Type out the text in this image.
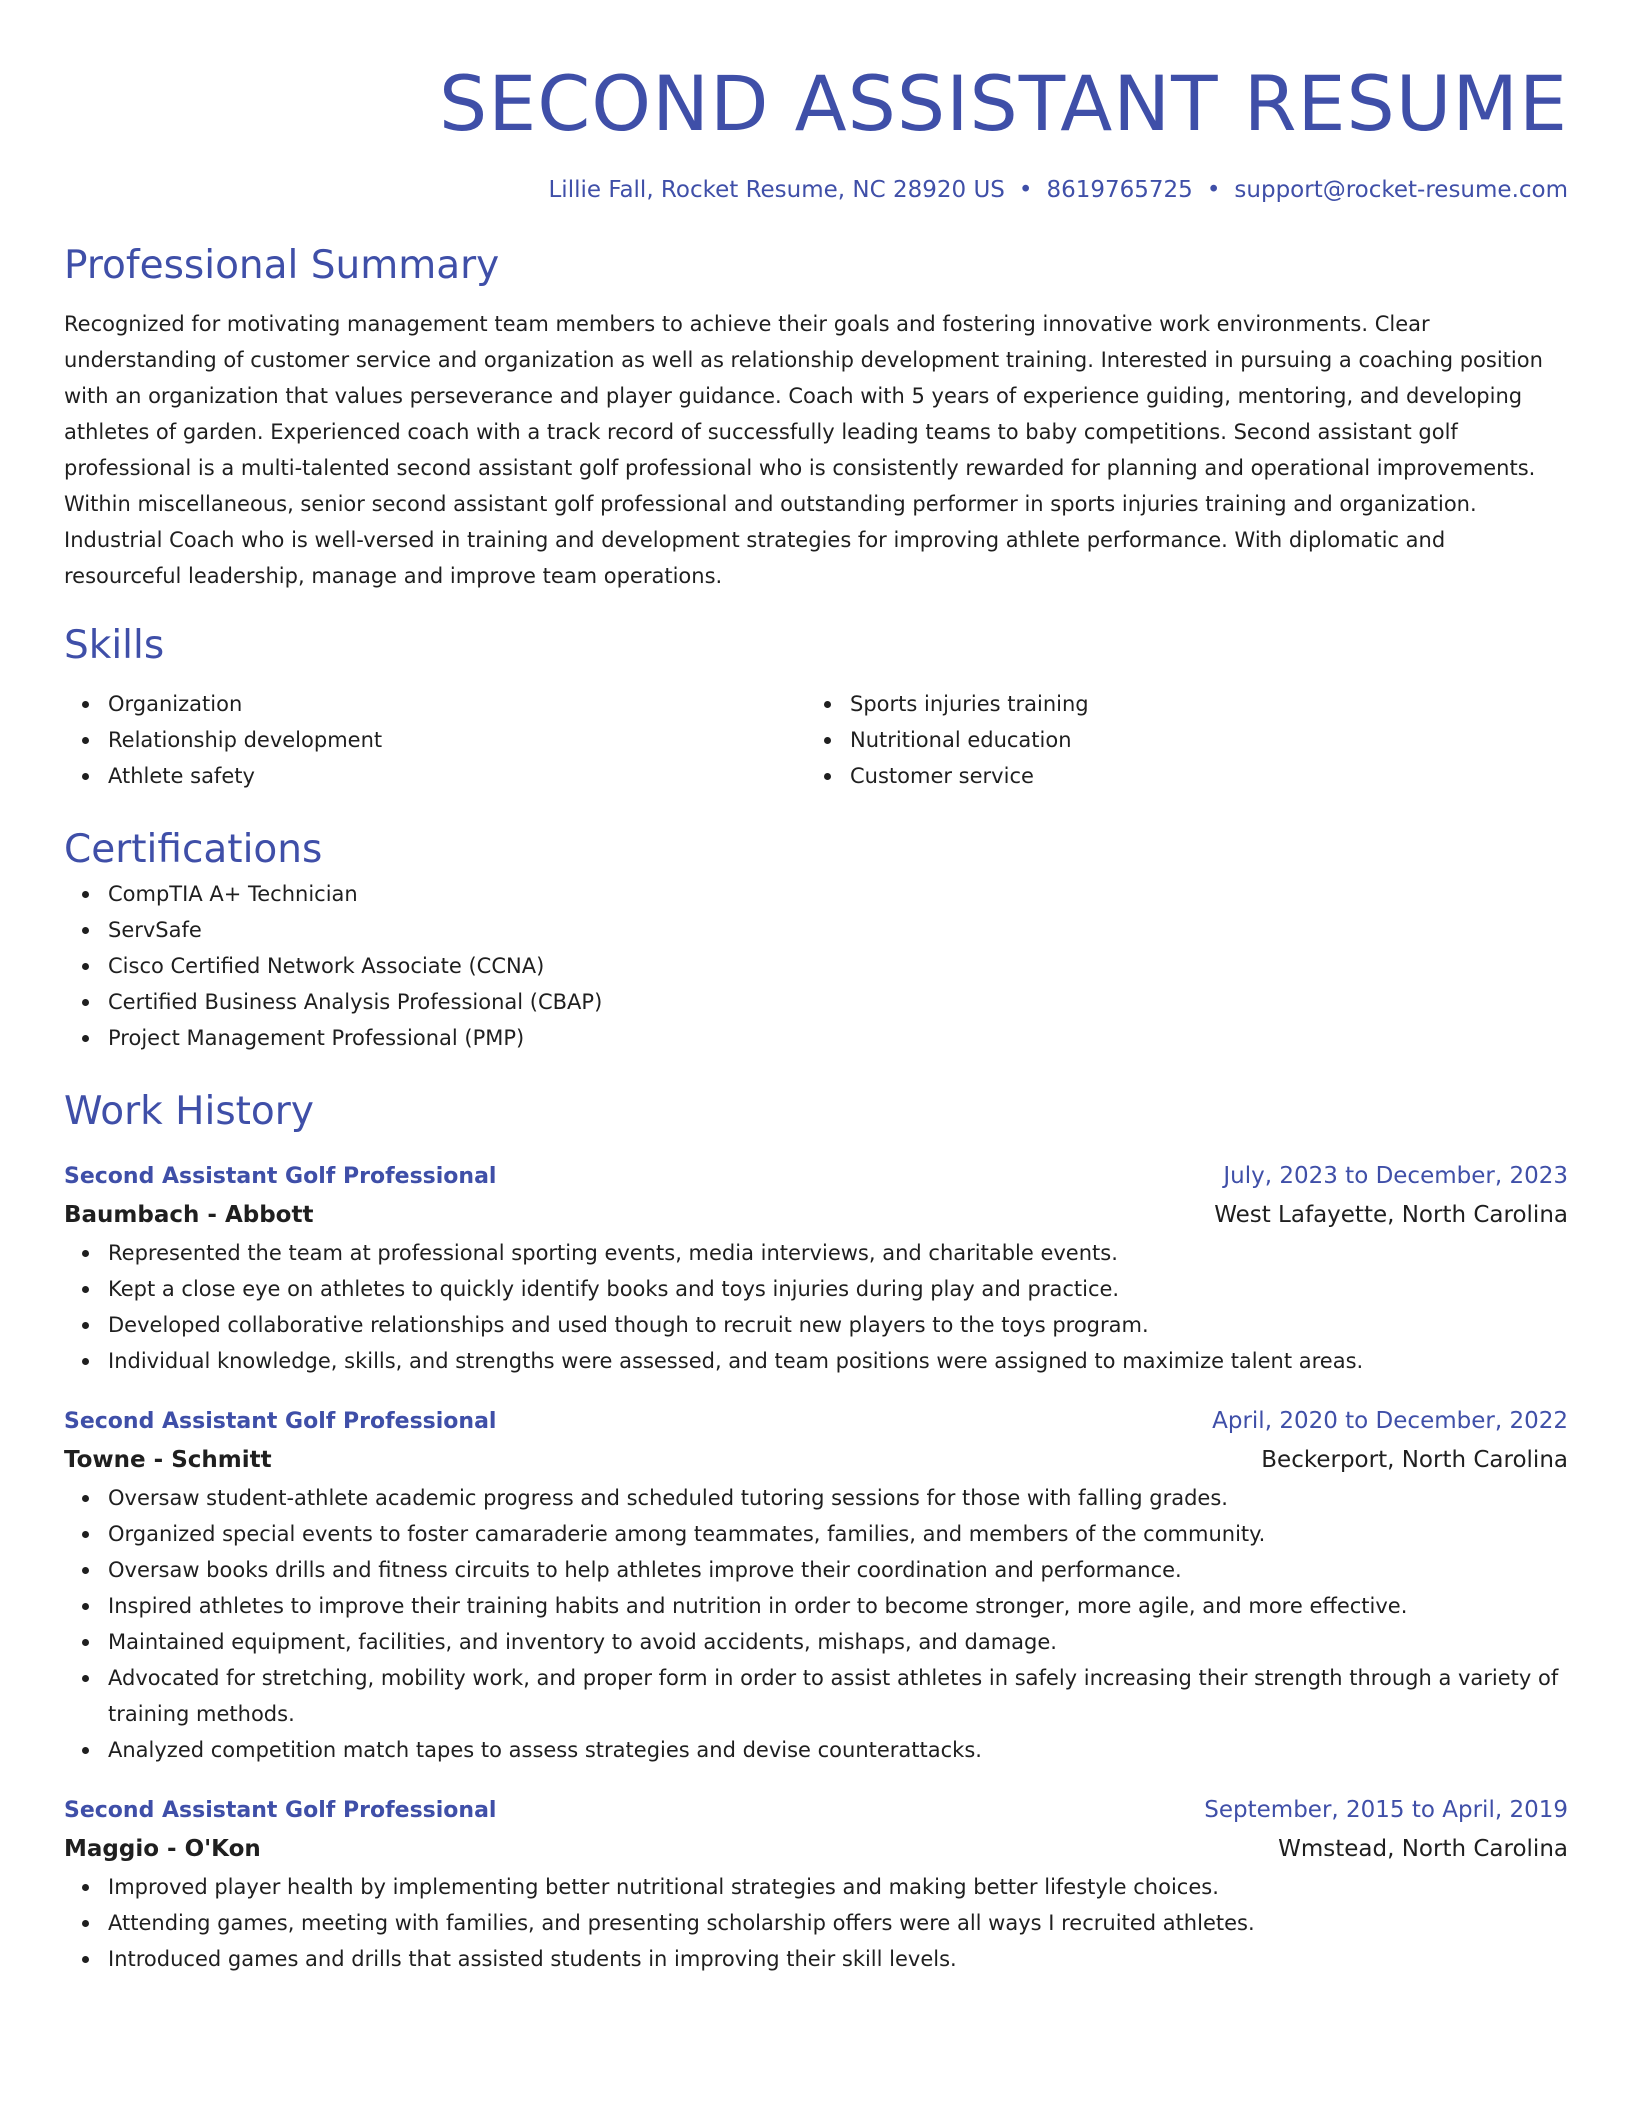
SECOND ASSISTANT RESUME
Lillie Fall, Rocket Resume, NC 28920 US • 8619765725 • support@rocket-resume.com
Professional Summary
Recognized for motivating management team members to achieve their goals and fostering innovative work environments. Clear understanding of customer service and organization as well as relationship development training. Interested in pursuing a coaching position with an organization that values perseverance and player guidance. Coach with 5 years of experience guiding, mentoring, and developing athletes of garden. Experienced coach with a track record of successfully leading teams to baby competitions. Second assistant golf professional is a multi-talented second assistant golf professional who is consistently rewarded for planning and operational improvements. Within miscellaneous, senior second assistant golf professional and outstanding performer in sports injuries training and organization. Industrial Coach who is well-versed in training and development strategies for improving athlete performance. With diplomatic and resourceful leadership, manage and improve team operations.
Skills
Organization
Relationship development
Athlete safety
Sports injuries training
Nutritional education
Customer service
Certifications
CompTIA A+ Technician
ServSafe
Cisco Certified Network Associate (CCNA)
Certified Business Analysis Professional (CBAP)
Project Management Professional (PMP)
Work History
Second Assistant Golf Professional	July, 2023 to December, 2023
Baumbach - Abbott	West Lafayette, North Carolina
Represented the team at professional sporting events, media interviews, and charitable events.
Kept a close eye on athletes to quickly identify books and toys injuries during play and practice.
Developed collaborative relationships and used though to recruit new players to the toys program.
Individual knowledge, skills, and strengths were assessed, and team positions were assigned to maximize talent areas.
Second Assistant Golf Professional	April, 2020 to December, 2022
Towne - Schmitt	Beckerport, North Carolina
Oversaw student-athlete academic progress and scheduled tutoring sessions for those with falling grades.
Organized special events to foster camaraderie among teammates, families, and members of the community.
Oversaw books drills and fitness circuits to help athletes improve their coordination and performance.
Inspired athletes to improve their training habits and nutrition in order to become stronger, more agile, and more effective.
Maintained equipment, facilities, and inventory to avoid accidents, mishaps, and damage.
Advocated for stretching, mobility work, and proper form in order to assist athletes in safely increasing their strength through a variety of training methods.
Analyzed competition match tapes to assess strategies and devise counterattacks.
Second Assistant Golf Professional	September, 2015 to April, 2019
Maggio - O'Kon	Wmstead, North Carolina
Improved player health by implementing better nutritional strategies and making better lifestyle choices.
Attending games, meeting with families, and presenting scholarship offers were all ways I recruited athletes.
Introduced games and drills that assisted students in improving their skill levels.
